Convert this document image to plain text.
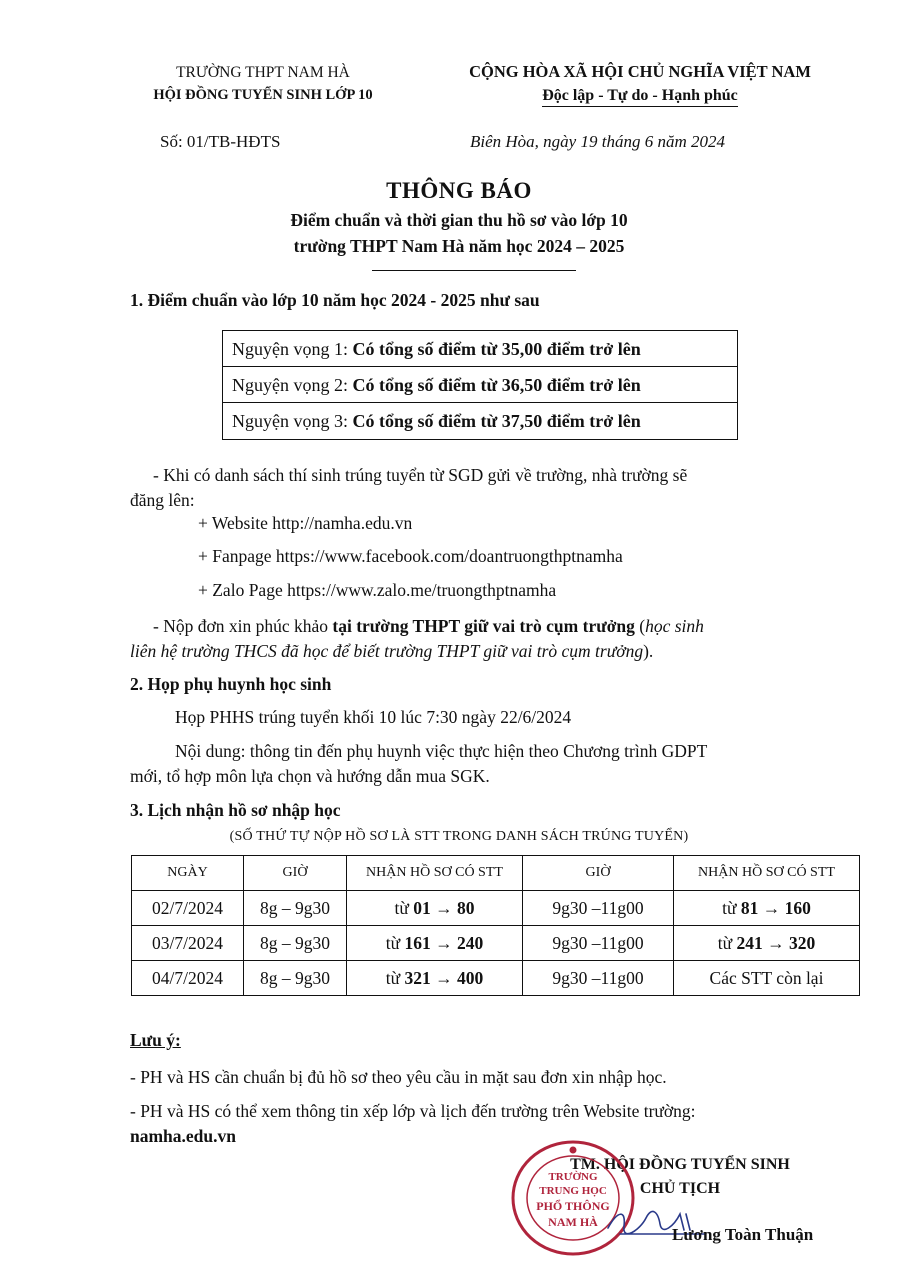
TRƯỜNG THPT NAM HÀ
HỘI ĐỒNG TUYỂN SINH LỚP 10
CỘNG HÒA XÃ HỘI CHỦ NGHĨA VIỆT NAM
Độc lập - Tự do - Hạnh phúc
Số: 01/TB-HĐTS	Biên Hòa, ngày 19 tháng 6 năm 2024
THÔNG BÁO
Điểm chuẩn và thời gian thu hồ sơ vào lớp 10
trường THPT Nam Hà năm học 2024 – 2025
1. Điểm chuẩn vào lớp 10 năm học 2024 - 2025 như sau
Nguyện vọng 1: Có tổng số điểm từ 35,00 điểm trở lên
Nguyện vọng 2: Có tổng số điểm từ 36,50 điểm trở lên
Nguyện vọng 3: Có tổng số điểm từ 37,50 điểm trở lên
- Khi có danh sách thí sinh trúng tuyển từ SGD gửi về trường, nhà trường sẽ
đăng lên:
+ Website http://namha.edu.vn
+ Fanpage https://www.facebook.com/doantruongthptnamha
+ Zalo Page https://www.zalo.me/truongthptnamha
- Nộp đơn xin phúc khảo tại trường THPT giữ vai trò cụm trưởng (học sinh
liên hệ trường THCS đã học để biết trường THPT giữ vai trò cụm trưởng).
2. Họp phụ huynh học sinh
Họp PHHS trúng tuyển khối 10 lúc 7:30 ngày 22/6/2024
Nội dung: thông tin đến phụ huynh việc thực hiện theo Chương trình GDPT
mới, tổ hợp môn lựa chọn và hướng dẫn mua SGK.
3. Lịch nhận hồ sơ nhập học
(SỐ THỨ TỰ NỘP HỒ SƠ LÀ STT TRONG DANH SÁCH TRÚNG TUYỂN)
NGÀY	GIỜ	NHẬN HỒ SƠ CÓ STT	GIỜ	NHẬN HỒ SƠ CÓ STT
02/7/2024	8g – 9g30	từ 01 → 80	9g30 –11g00	từ 81 → 160
03/7/2024	8g – 9g30	từ 161 → 240	9g30 –11g00	từ 241 → 320
04/7/2024	8g – 9g30	từ 321 → 400	9g30 –11g00	Các STT còn lại
Lưu ý:
- PH và HS cần chuẩn bị đủ hồ sơ theo yêu cầu in mặt sau đơn xin nhập học.
- PH và HS có thể xem thông tin xếp lớp và lịch đến trường trên Website trường:
namha.edu.vn
TM. HỘI ĐỒNG TUYỂN SINH
CHỦ TỊCH
TRƯỜNG
TRUNG HỌC
PHỔ THÔNG
NAM HÀ
Lương Toàn Thuận
